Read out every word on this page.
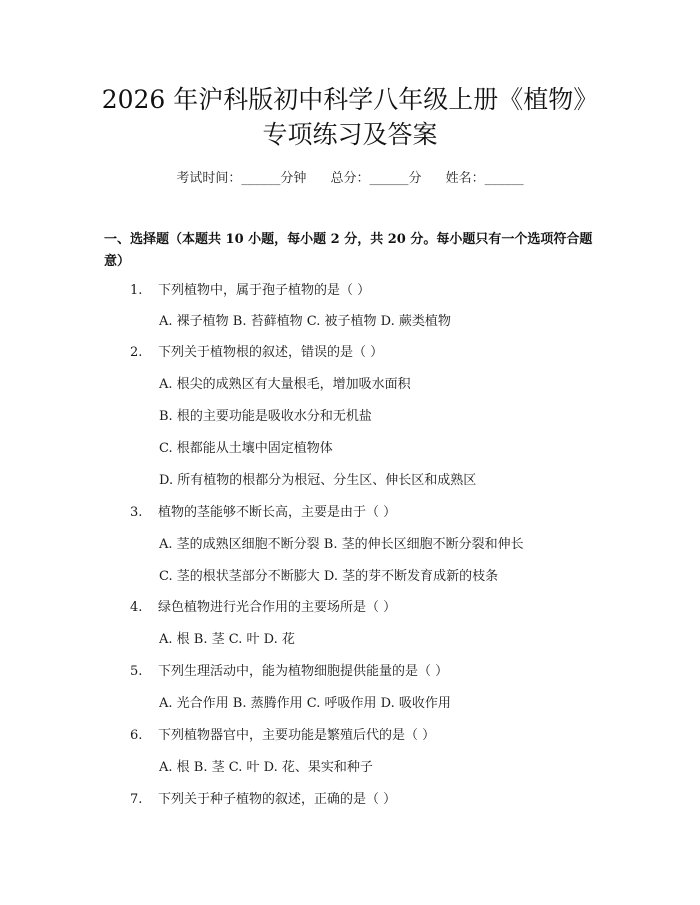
2026 年沪科版初中科学八年级上册《植物》
专项练习及答案
考试时间：______分钟 总分：______分 姓名：______
一、选择题（本题共 10 小题，每小题 2 分，共 20 分。每小题只有一个选项符合题意）
1. 下列植物中，属于孢子植物的是（ ）
A. 裸子植物 B. 苔藓植物 C. 被子植物 D. 蕨类植物
2. 下列关于植物根的叙述，错误的是（ ）
A. 根尖的成熟区有大量根毛，增加吸水面积
B. 根的主要功能是吸收水分和无机盐
C. 根都能从土壤中固定植物体
D. 所有植物的根都分为根冠、分生区、伸长区和成熟区
3. 植物的茎能够不断长高，主要是由于（ ）
A. 茎的成熟区细胞不断分裂 B. 茎的伸长区细胞不断分裂和伸长
C. 茎的根状茎部分不断膨大 D. 茎的芽不断发育成新的枝条
4. 绿色植物进行光合作用的主要场所是（ ）
A. 根 B. 茎 C. 叶 D. 花
5. 下列生理活动中，能为植物细胞提供能量的是（ ）
A. 光合作用 B. 蒸腾作用 C. 呼吸作用 D. 吸收作用
6. 下列植物器官中，主要功能是繁殖后代的是（ ）
A. 根 B. 茎 C. 叶 D. 花、果实和种子
7. 下列关于种子植物的叙述，正确的是（ ）
